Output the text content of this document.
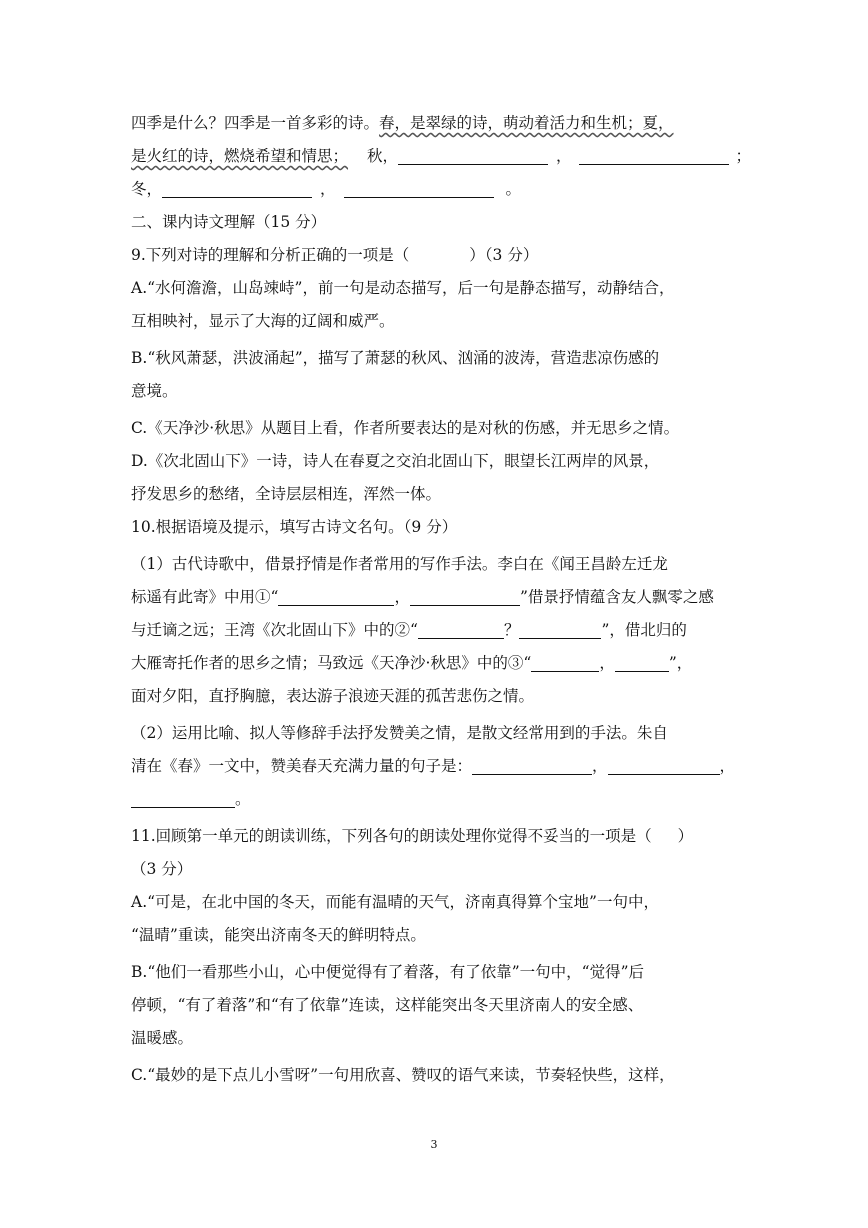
四季是什么？四季是一首多彩的诗。春，是翠绿的诗，萌动着活力和生机；夏，
是火红的诗，燃烧希望和情思； 秋，	，	；
冬，	，	。
二、课内诗文理解（15 分）
9.下列对诗的理解和分析正确的一项是（	）（3 分）
A.“水何澹澹，山岛竦峙”，前一句是动态描写，后一句是静态描写，动静结合，
互相映衬，显示了大海的辽阔和威严。
B.“秋风萧瑟，洪波涌起”，描写了萧瑟的秋风、汹涌的波涛，营造悲凉伤感的
意境。
C.《天净沙·秋思》从题目上看，作者所要表达的是对秋的伤感，并无思乡之情。
D.《次北固山下》一诗，诗人在春夏之交泊北固山下，眼望长江两岸的风景，
抒发思乡的愁绪，全诗层层相连，浑然一体。
10.根据语境及提示，填写古诗文名句。（9 分）
（1）古代诗歌中，借景抒情是作者常用的写作手法。李白在《闻王昌龄左迁龙
标遥有此寄》中用①“	，	”借景抒情蕴含友人飘零之感
与迁谪之远；王湾《次北固山下》中的②“	？	”，借北归的
大雁寄托作者的思乡之情；马致远《天净沙·秋思》中的③“	，	”，
面对夕阳，直抒胸臆，表达游子浪迹天涯的孤苦悲伤之情。
（2）运用比喻、拟人等修辞手法抒发赞美之情，是散文经常用到的手法。朱自
清在《春》一文中，赞美春天充满力量的句子是：	，	，
。
11.回顾第一单元的朗读训练，下列各句的朗读处理你觉得不妥当的一项是（ ）
（3 分）
A.“可是，在北中国的冬天，而能有温晴的天气，济南真得算个宝地”一句中，
“温晴”重读，能突出济南冬天的鲜明特点。
B.“他们一看那些小山，心中便觉得有了着落，有了依靠”一句中，“觉得”后
停顿，“有了着落”和“有了依靠”连读，这样能突出冬天里济南人的安全感、
温暖感。
C.“最妙的是下点儿小雪呀”一句用欣喜、赞叹的语气来读，节奏轻快些，这样，
3
